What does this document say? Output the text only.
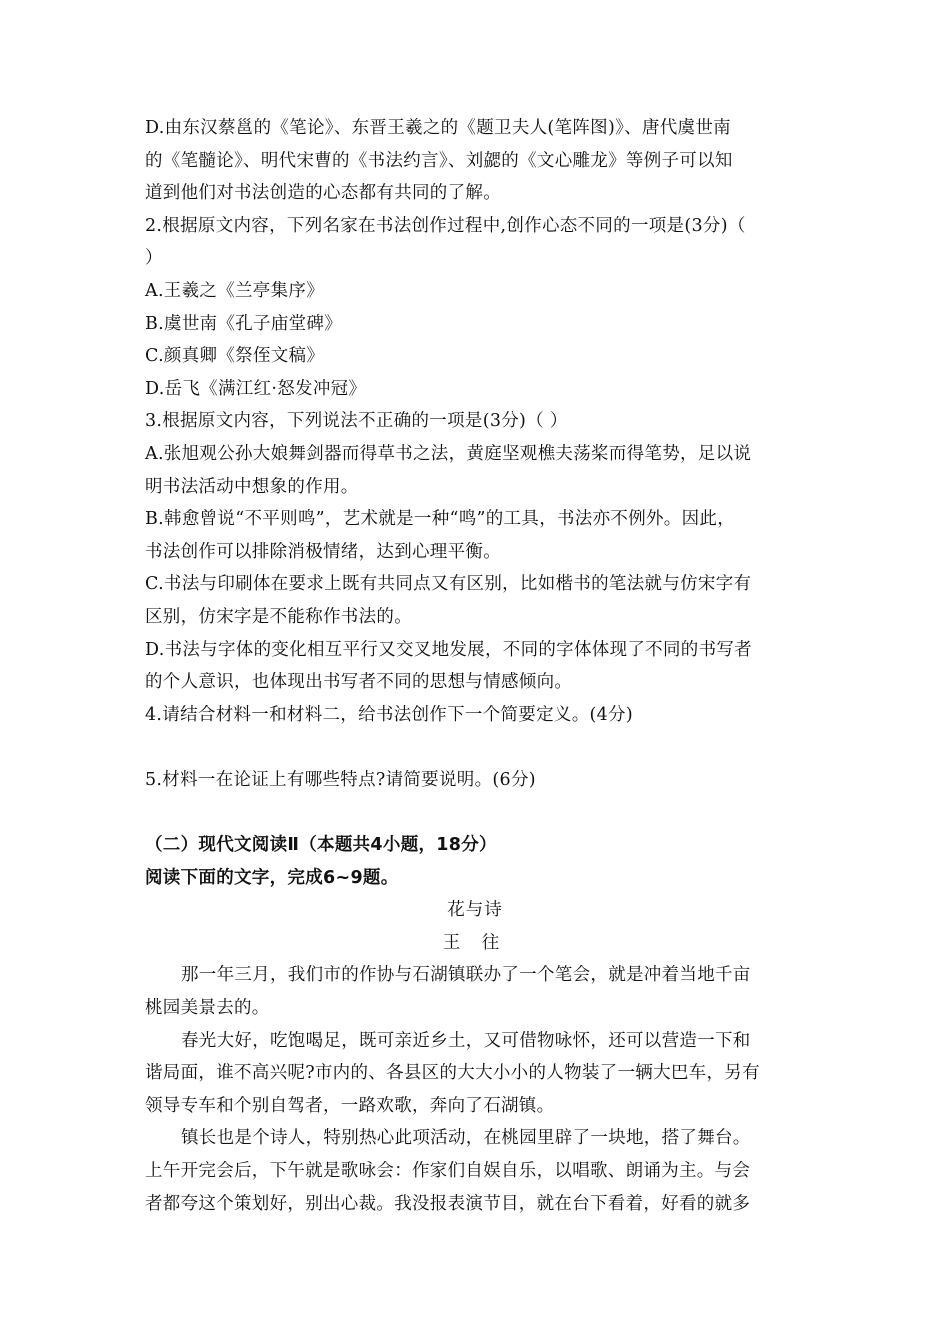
D.由东汉蔡邕的《笔论》、东晋王羲之的《题卫夫人(笔阵图)》、唐代虞世南
的《笔髓论》、明代宋曹的《书法约言》、刘勰的《文心雕龙》等例子可以知
道到他们对书法创造的心态都有共同的了解。
2.根据原文内容，下列名家在书法创作过程中,创作心态不同的一项是(3分)（
）
A.王羲之《兰亭集序》
B.虞世南《孔子庙堂碑》
C.颜真卿《祭侄文稿》
D.岳飞《满江红·怒发冲冠》
3.根据原文内容，下列说法不正确的一项是(3分)（ ）
A.张旭观公孙大娘舞剑器而得草书之法，黄庭坚观樵夫荡桨而得笔势，足以说
明书法活动中想象的作用。
B.韩愈曾说“不平则鸣”，艺术就是一种“鸣”的工具，书法亦不例外。因此，
书法创作可以排除消极情绪，达到心理平衡。
C.书法与印刷体在要求上既有共同点又有区别，比如楷书的笔法就与仿宋字有
区别，仿宋字是不能称作书法的。
D.书法与字体的变化相互平行又交叉地发展，不同的字体体现了不同的书写者
的个人意识，也体现出书写者不同的思想与情感倾向。
4.请结合材料一和材料二，给书法创作下一个简要定义。(4分)
5.材料一在论证上有哪些特点?请简要说明。(6分)
（二）现代文阅读Ⅱ（本题共4小题，18分）
阅读下面的文字，完成6~9题。
花与诗
王 往
那一年三月，我们市的作协与石湖镇联办了一个笔会，就是冲着当地千亩
桃园美景去的。
春光大好，吃饱喝足，既可亲近乡土，又可借物咏怀，还可以营造一下和
谐局面，谁不高兴呢?市内的、各县区的大大小小的人物装了一辆大巴车，另有
领导专车和个别自驾者，一路欢歌，奔向了石湖镇。
镇长也是个诗人，特别热心此项活动，在桃园里辟了一块地，搭了舞台。
上午开完会后，下午就是歌咏会：作家们自娱自乐，以唱歌、朗诵为主。与会
者都夸这个策划好，别出心裁。我没报表演节目，就在台下看着，好看的就多
